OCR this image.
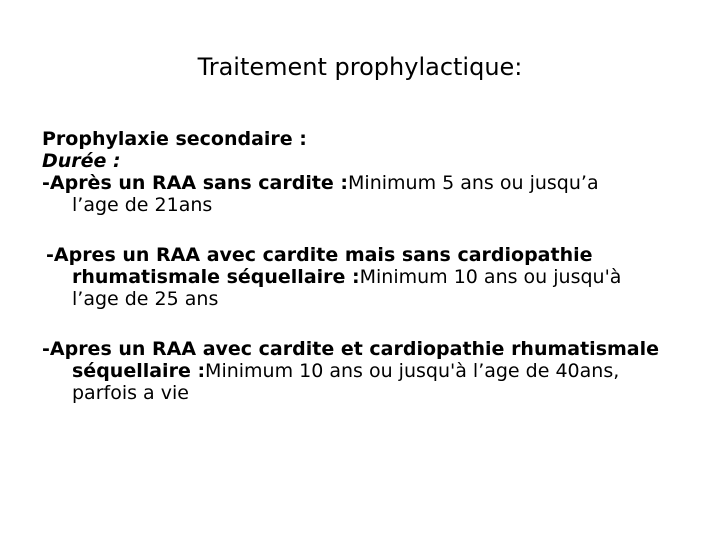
Traitement prophylactique:

Prophylaxie secondaire :

Durée :

-Après un RAA sans cardite :Minimum 5 ans ou jusqu’a

l’age de 21ans

-Apres un RAA avec cardite mais sans cardiopathie

rhumatismale séquellaire :Minimum 10 ans ou jusqu'à

l’age de 25 ans

-Apres un RAA avec cardite et cardiopathie rhumatismale

séquellaire :Minimum 10 ans ou jusqu'à l’age de 40ans,

parfois a vie
